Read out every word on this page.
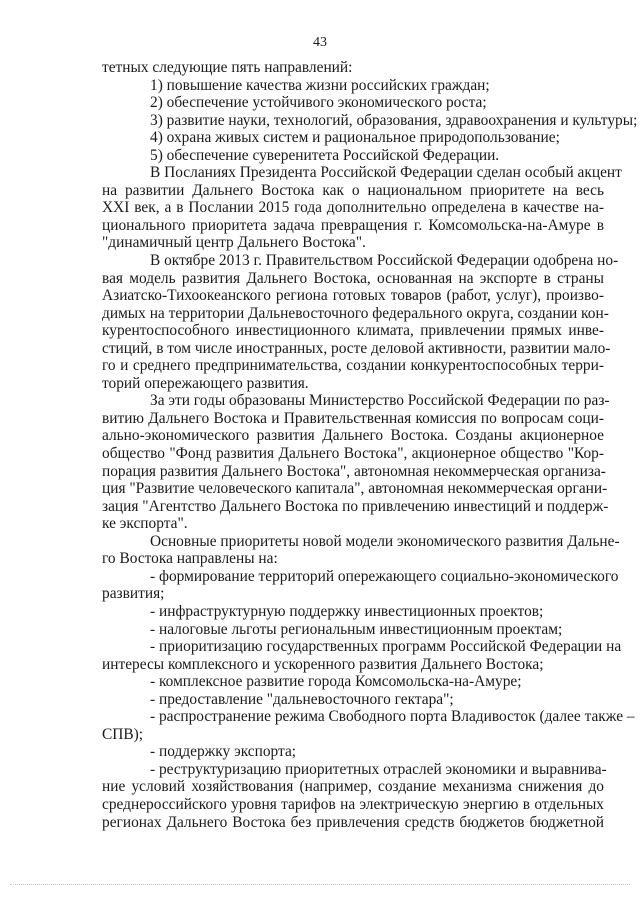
43
тетных следующие пять направлений:
1) повышение качества жизни российских граждан;
2) обеспечение устойчивого экономического роста;
3) развитие науки, технологий, образования, здравоохранения и культуры;
4) охрана живых систем и рациональное природопользование;
5) обеспечение суверенитета Российской Федерации.
В Посланиях Президента Российской Федерации сделан особый акцент
на развитии Дальнего Востока как о национальном приоритете на весь
XXI век, а в Послании 2015 года дополнительно определена в качестве на-
ционального приоритета задача превращения г. Комсомольска-на-Амуре в
"динамичный центр Дальнего Востока".
В октябре 2013 г. Правительством Российской Федерации одобрена но-
вая модель развития Дальнего Востока, основанная на экспорте в страны
Азиатско-Тихоокеанского региона готовых товаров (работ, услуг), произво-
димых на территории Дальневосточного федерального округа, создании кон-
курентоспособного инвестиционного климата, привлечении прямых инве-
стиций, в том числе иностранных, росте деловой активности, развитии мало-
го и среднего предпринимательства, создании конкурентоспособных терри-
торий опережающего развития.
За эти годы образованы Министерство Российской Федерации по раз-
витию Дальнего Востока и Правительственная комиссия по вопросам соци-
ально-экономического развития Дальнего Востока. Созданы акционерное
общество "Фонд развития Дальнего Востока", акционерное общество "Кор-
порация развития Дальнего Востока", автономная некоммерческая организа-
ция "Развитие человеческого капитала", автономная некоммерческая органи-
зация "Агентство Дальнего Востока по привлечению инвестиций и поддерж-
ке экспорта".
Основные приоритеты новой модели экономического развития Дальне-
го Востока направлены на:
- формирование территорий опережающего социально-экономического
развития;
- инфраструктурную поддержку инвестиционных проектов;
- налоговые льготы региональным инвестиционным проектам;
- приоритизацию государственных программ Российской Федерации на
интересы комплексного и ускоренного развития Дальнего Востока;
- комплексное развитие города Комсомольска-на-Амуре;
- предоставление "дальневосточного гектара";
- распространение режима Свободного порта Владивосток (далее также –
СПВ);
- поддержку экспорта;
- реструктуризацию приоритетных отраслей экономики и выравнива-
ние условий хозяйствования (например, создание механизма снижения до
среднероссийского уровня тарифов на электрическую энергию в отдельных
регионах Дальнего Востока без привлечения средств бюджетов бюджетной
